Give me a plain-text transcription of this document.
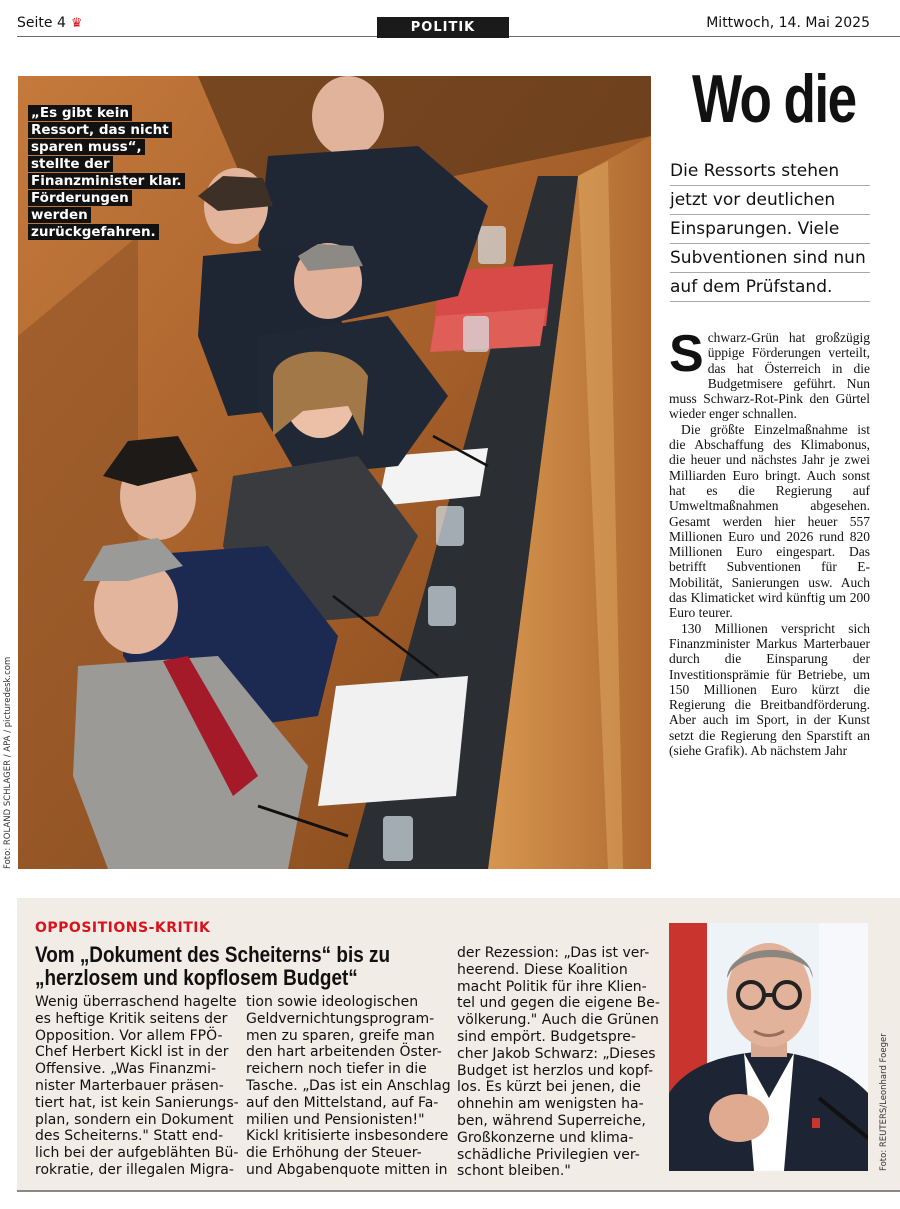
Seite 4 ♛	POLITIK	Mittwoch, 14. Mai 2025
„Es gibt kein Ressort, das nicht sparen muss“, stellte der Finanzminister klar. Förderungen werden zurückgefahren.
Foto: ROLAND SCHLAGER / APA / picturedesk.com
Wo die
Die Ressorts stehen
jetzt vor deutlichen
Einsparungen. Viele
Subventionen sind nun
auf dem Prüfstand.
S chwarz-Grün hat großzügig üppige Förderungen verteilt, das hat Österreich in die Budgetmisere geführt. Nun muss Schwarz-Rot-Pink den Gürtel wieder enger schnallen.

Die größte Einzelmaßnahme ist die Abschaffung des Klimabonus, die heuer und nächstes Jahr je zwei Milliarden Euro bringt. Auch sonst hat es die Regierung auf Umweltmaßnahmen abgesehen. Gesamt werden hier heuer 557 Millionen Euro und 2026 rund 820 Millionen Euro eingespart. Das betrifft Subventionen für E-Mobilität, Sanierungen usw. Auch das Klimaticket wird künftig um 200 Euro teurer.

130 Millionen verspricht sich Finanzminister Markus Marterbauer durch die Einsparung der Investitionsprämie für Betriebe, um 150 Millionen Euro kürzt die Regierung die Breitbandförderung. Aber auch im Sport, in der Kunst setzt die Regierung den Sparstift an (siehe Grafik). Ab nächstem Jahr

OPPOSITIONS-KRITIK
Vom „Dokument des Scheiterns“ bis zu
„herzlosem und kopflosem Budget“
Wenig überraschend hagelte
es heftige Kritik seitens der
Opposition. Vor allem FPÖ-
Chef Herbert Kickl ist in der
Offensive. „Was Finanzmi-
nister Marterbauer präsen-
tiert hat, ist kein Sanierungs-
plan, sondern ein Dokument
des Scheiterns." Statt end-
lich bei der aufgeblähten Bü-
rokratie, der illegalen Migra-
tion sowie ideologischen
Geldvernichtungsprogram-
men zu sparen, greife man
den hart arbeitenden Öster-
reichern noch tiefer in die
Tasche. „Das ist ein Anschlag
auf den Mittelstand, auf Fa-
milien und Pensionisten!"
Kickl kritisierte insbesondere
die Erhöhung der Steuer-
und Abgabenquote mitten in
der Rezession: „Das ist ver-
heerend. Diese Koalition
macht Politik für ihre Klien-
tel und gegen die eigene Be-
völkerung." Auch die Grünen
sind empört. Budgetspre-
cher Jakob Schwarz: „Dieses
Budget ist herzlos und kopf-
los. Es kürzt bei jenen, die
ohnehin am wenigsten ha-
ben, während Superreiche,
Großkonzerne und klima-
schädliche Privilegien ver-
schont bleiben."
Foto: REUTERS/Leonhard Foeger
